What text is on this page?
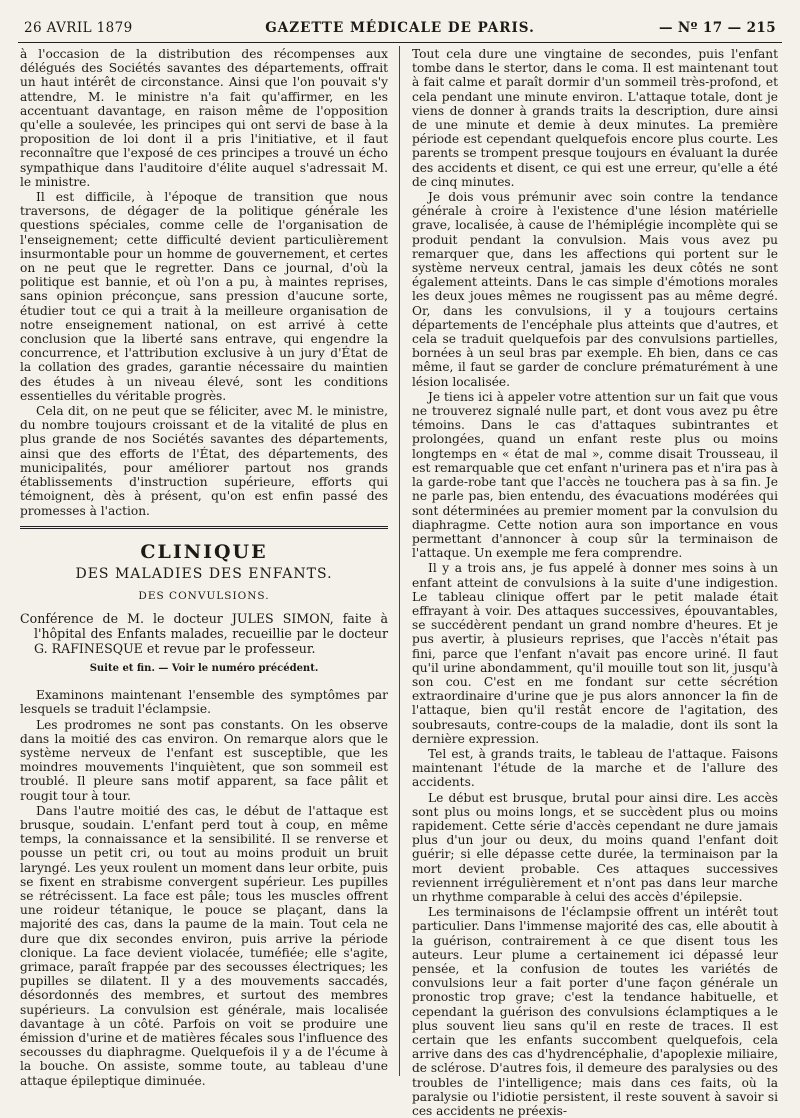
26 AVRIL 1879	GAZETTE MÉDICALE DE PARIS.	— Nº 17 — 215

à l'occasion de la distribution des récompenses aux délégués des Sociétés savantes des départements, offrait un haut intérêt de circonstance. Ainsi que l'on pouvait s'y attendre, M. le ministre n'a fait qu'affirmer, en les accentuant davantage, en raison même de l'opposition qu'elle a soulevée, les principes qui ont servi de base à la proposition de loi dont il a pris l'initiative, et il faut reconnaître que l'exposé de ces principes a trouvé un écho sympathique dans l'auditoire d'élite auquel s'adressait M. le ministre.

Il est difficile, à l'époque de transition que nous traversons, de dégager de la politique générale les questions spéciales, comme celle de l'organisation de l'enseignement; cette difficulté devient particulièrement insurmontable pour un homme de gouvernement, et certes on ne peut que le regretter. Dans ce journal, d'où la politique est bannie, et où l'on a pu, à maintes reprises, sans opinion préconçue, sans pression d'aucune sorte, étudier tout ce qui a trait à la meilleure organisation de notre enseignement national, on est arrivé à cette conclusion que la liberté sans entrave, qui engendre la concurrence, et l'attribution exclusive à un jury d'État de la collation des grades, garantie nécessaire du maintien des études à un niveau élevé, sont les conditions essentielles du véritable progrès.

Cela dit, on ne peut que se féliciter, avec M. le ministre, du nombre toujours croissant et de la vitalité de plus en plus grande de nos Sociétés savantes des départements, ainsi que des efforts de l'État, des départements, des municipalités, pour améliorer partout nos grands établissements d'instruction supérieure, efforts qui témoignent, dès à présent, qu'on est enfin passé des promesses à l'action.

CLINIQUE
DES MALADIES DES ENFANTS.
DES CONVULSIONS.
Conférence de M. le docteur JULES SIMON, faite à l'hôpital des Enfants malades, recueillie par le docteur G. RAFINESQUE et revue par le professeur.
Suite et fin. — Voir le numéro précédent.

Examinons maintenant l'ensemble des symptômes par lesquels se traduit l'éclampsie.

Les prodromes ne sont pas constants. On les observe dans la moitié des cas environ. On remarque alors que le système nerveux de l'enfant est susceptible, que les moindres mouvements l'inquiètent, que son sommeil est troublé. Il pleure sans motif apparent, sa face pâlit et rougit tour à tour.

Dans l'autre moitié des cas, le début de l'attaque est brusque, soudain. L'enfant perd tout à coup, en même temps, la connaissance et la sensibilité. Il se renverse et pousse un petit cri, ou tout au moins produit un bruit laryngé. Les yeux roulent un moment dans leur orbite, puis se fixent en strabisme convergent supérieur. Les pupilles se rétrécissent. La face est pâle; tous les muscles offrent une roideur tétanique, le pouce se plaçant, dans la majorité des cas, dans la paume de la main. Tout cela ne dure que dix secondes environ, puis arrive la période clonique. La face devient violacée, tuméfiée; elle s'agite, grimace, paraît frappée par des secousses électriques; les pupilles se dilatent. Il y a des mouvements saccadés, désordonnés des membres, et surtout des membres supérieurs. La convulsion est générale, mais localisée davantage à un côté. Parfois on voit se produire une émission d'urine et de matières fécales sous l'influence des secousses du diaphragme. Quelquefois il y a de l'écume à la bouche. On assiste, somme toute, au tableau d'une attaque épileptique diminuée.

Tout cela dure une vingtaine de secondes, puis l'enfant tombe dans le stertor, dans le coma. Il est maintenant tout à fait calme et paraît dormir d'un sommeil très-profond, et cela pendant une minute environ. L'attaque totale, dont je viens de donner à grands traits la description, dure ainsi de une minute et demie à deux minutes. La première période est cependant quelquefois encore plus courte. Les parents se trompent presque toujours en évaluant la durée des accidents et disent, ce qui est une erreur, qu'elle a été de cinq minutes.

Je dois vous prémunir avec soin contre la tendance générale à croire à l'existence d'une lésion matérielle grave, localisée, à cause de l'hémiplégie incomplète qui se produit pendant la convulsion. Mais vous avez pu remarquer que, dans les affections qui portent sur le système nerveux central, jamais les deux côtés ne sont également atteints. Dans le cas simple d'émotions morales les deux joues mêmes ne rougissent pas au même degré. Or, dans les convulsions, il y a toujours certains départements de l'encéphale plus atteints que d'autres, et cela se traduit quelquefois par des convulsions partielles, bornées à un seul bras par exemple. Eh bien, dans ce cas même, il faut se garder de conclure prématurément à une lésion localisée.

Je tiens ici à appeler votre attention sur un fait que vous ne trouverez signalé nulle part, et dont vous avez pu être témoins. Dans le cas d'attaques subintrantes et prolongées, quand un enfant reste plus ou moins longtemps en « état de mal », comme disait Trousseau, il est remarquable que cet enfant n'urinera pas et n'ira pas à la garde-robe tant que l'accès ne touchera pas à sa fin. Je ne parle pas, bien entendu, des évacuations modérées qui sont déterminées au premier moment par la convulsion du diaphragme. Cette notion aura son importance en vous permettant d'annoncer à coup sûr la terminaison de l'attaque. Un exemple me fera comprendre.

Il y a trois ans, je fus appelé à donner mes soins à un enfant atteint de convulsions à la suite d'une indigestion. Le tableau clinique offert par le petit malade était effrayant à voir. Des attaques successives, épouvantables, se succédèrent pendant un grand nombre d'heures. Et je pus avertir, à plusieurs reprises, que l'accès n'était pas fini, parce que l'enfant n'avait pas encore uriné. Il faut qu'il urine abondamment, qu'il mouille tout son lit, jusqu'à son cou. C'est en me fondant sur cette sécrétion extraordinaire d'urine que je pus alors annoncer la fin de l'attaque, bien qu'il restât encore de l'agitation, des soubresauts, contre-coups de la maladie, dont ils sont la dernière expression.

Tel est, à grands traits, le tableau de l'attaque. Faisons maintenant l'étude de la marche et de l'allure des accidents.

Le début est brusque, brutal pour ainsi dire. Les accès sont plus ou moins longs, et se succèdent plus ou moins rapidement. Cette série d'accès cependant ne dure jamais plus d'un jour ou deux, du moins quand l'enfant doit guérir; si elle dépasse cette durée, la terminaison par la mort devient probable. Ces attaques successives reviennent irrégulièrement et n'ont pas dans leur marche un rhythme comparable à celui des accès d'épilepsie.

Les terminaisons de l'éclampsie offrent un intérêt tout particulier. Dans l'immense majorité des cas, elle aboutit à la guérison, contrairement à ce que disent tous les auteurs. Leur plume a certainement ici dépassé leur pensée, et la confusion de toutes les variétés de convulsions leur a fait porter d'une façon générale un pronostic trop grave; c'est la tendance habituelle, et cependant la guérison des convulsions éclamptiques a le plus souvent lieu sans qu'il en reste de traces. Il est certain que les enfants succombent quelquefois, cela arrive dans des cas d'hydrencéphalie, d'apoplexie miliaire, de sclérose. D'autres fois, il demeure des paralysies ou des troubles de l'intelligence; mais dans ces faits, où la paralysie ou l'idiotie persistent, il reste souvent à savoir si ces accidents ne préexis-
